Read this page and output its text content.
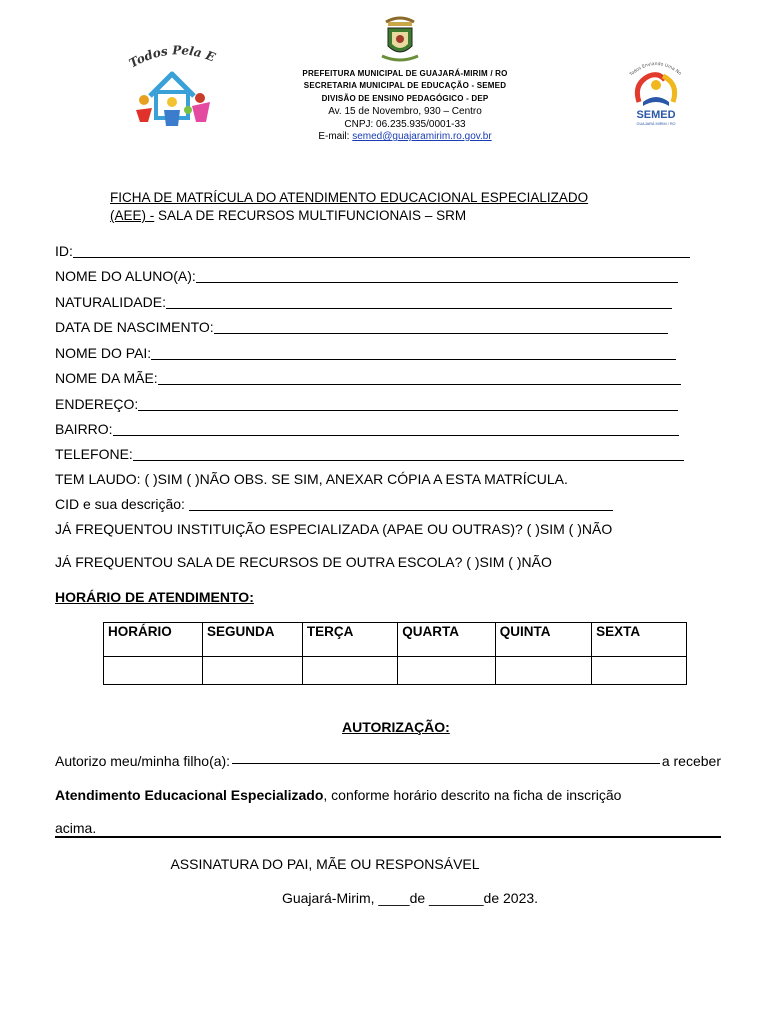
Todos Pela E
Todos Enviando Uma No
SEMED
GUAJARÁ MIRIM / RO
PREFEITURA MUNICIPAL DE GUAJARÁ-MIRIM / RO
SECRETARIA MUNICIPAL DE EDUCAÇÃO - SEMED
DIVISÃO DE ENSINO PEDAGÓGICO - DEP
Av. 15 de Novembro, 930 – Centro
CNPJ: 06.235.935/0001-33
E-mail: semed@guajaramirim.ro.gov.br
FICHA DE MATRÍCULA DO ATENDIMENTO EDUCACIONAL ESPECIALIZADO
(AEE) - SALA DE RECURSOS MULTIFUNCIONAIS – SRM
ID:
NOME DO ALUNO(A):
NATURALIDADE:
DATA DE NASCIMENTO:
NOME DO PAI:
NOME DA MÃE:
ENDEREÇO:
BAIRRO:
TELEFONE:
TEM LAUDO: ( )SIM ( )NÃO OBS. SE SIM, ANEXAR CÓPIA A ESTA MATRÍCULA.
CID e sua descrição:
JÁ FREQUENTOU INSTITUIÇÃO ESPECIALIZADA (APAE OU OUTRAS)? ( )SIM ( )NÃO
JÁ FREQUENTOU SALA DE RECURSOS DE OUTRA ESCOLA? ( )SIM ( )NÃO
HORÁRIO DE ATENDIMENTO:
HORÁRIO	SEGUNDA	TERÇA	QUARTA	QUINTA	SEXTA

AUTORIZAÇÃO:
Autorizo meu/minha filho(a):	a receber
Atendimento Educacional Especializado, conforme horário descrito na ficha de inscrição
acima.
ASSINATURA DO PAI, MÃE OU RESPONSÁVEL
Guajará-Mirim, ____de _______de 2023.
